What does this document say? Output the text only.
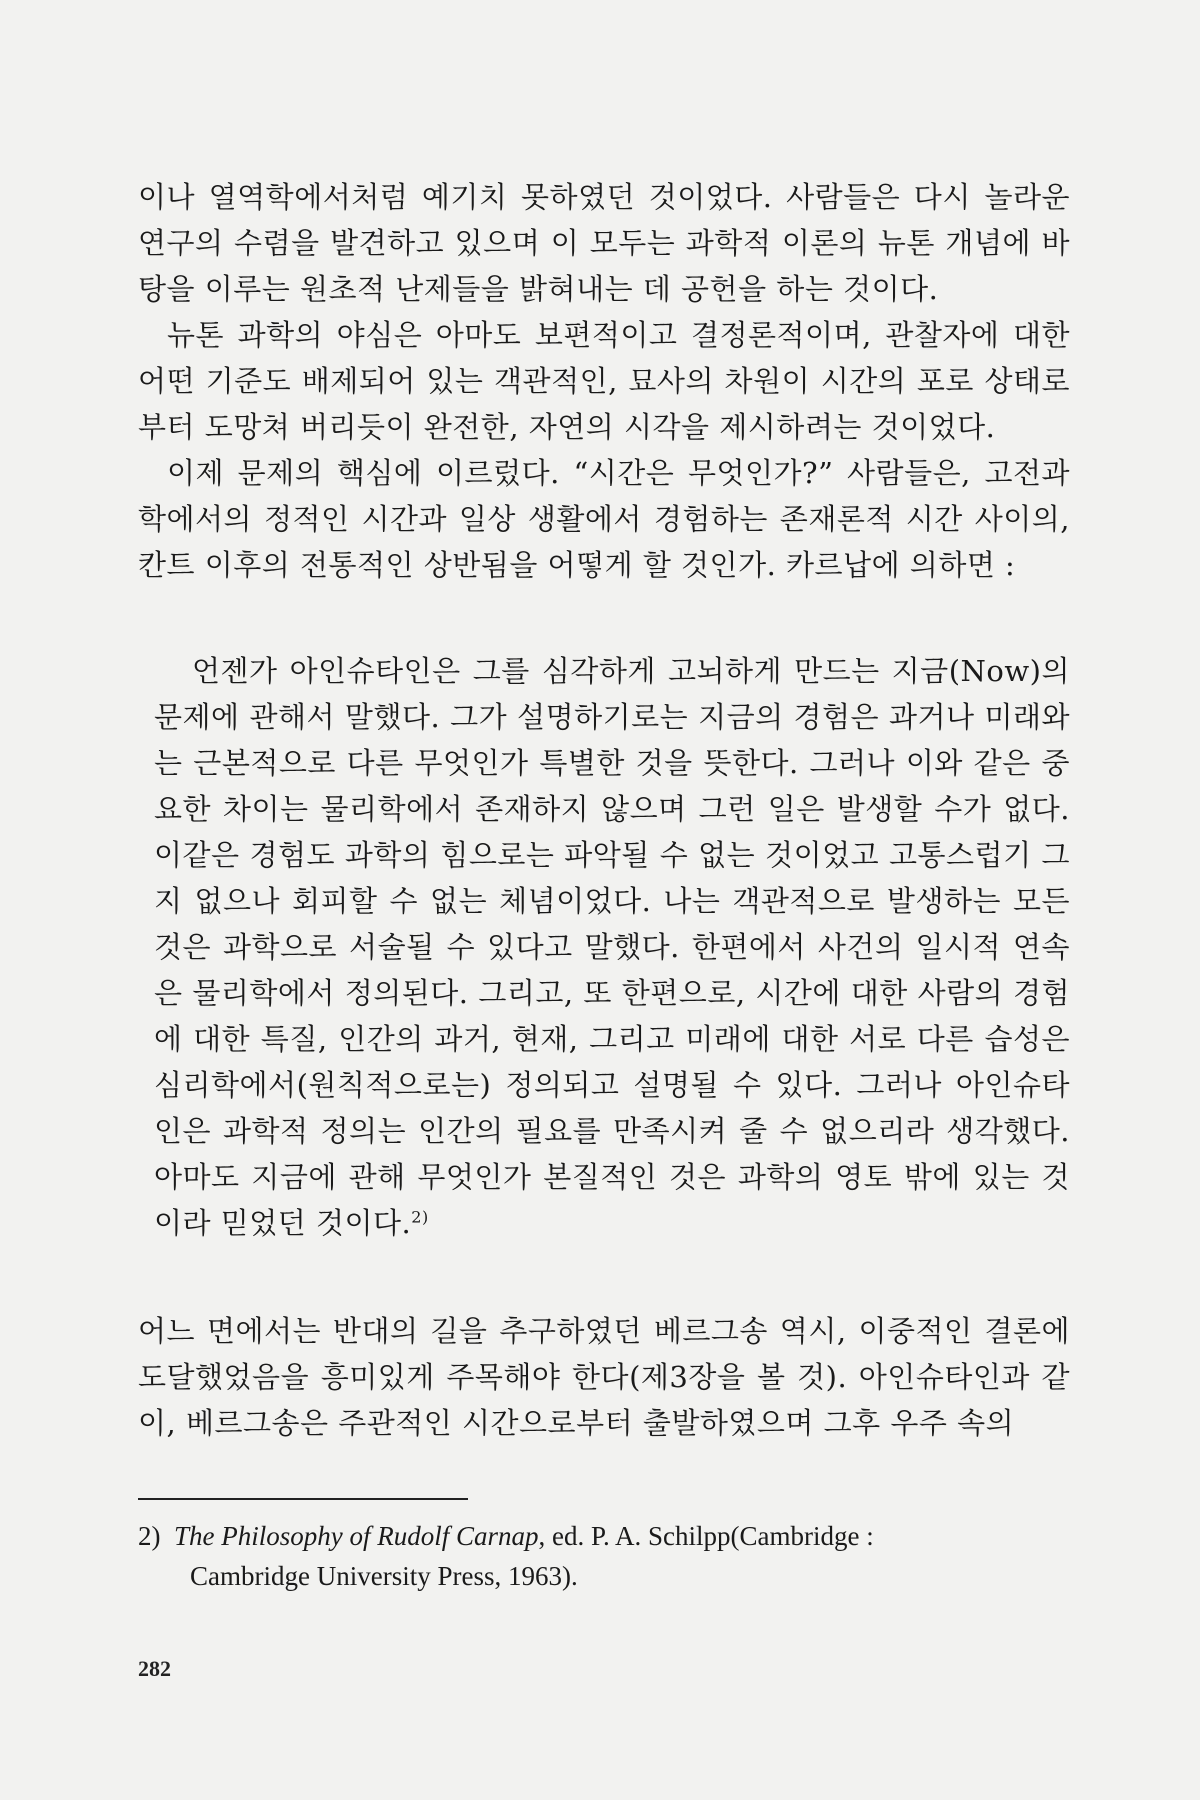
이나 열역학에서처럼 예기치 못하였던 것이었다. 사람들은 다시 놀라운 연구의 수렴을 발견하고 있으며 이 모두는 과학적 이론의 뉴톤 개념에 바탕을 이루는 원초적 난제들을 밝혀내는 데 공헌을 하는 것이다.

뉴톤 과학의 야심은 아마도 보편적이고 결정론적이며, 관찰자에 대한 어떤 기준도 배제되어 있는 객관적인, 묘사의 차원이 시간의 포로 상태로부터 도망쳐 버리듯이 완전한, 자연의 시각을 제시하려는 것이었다.

이제 문제의 핵심에 이르렀다. “시간은 무엇인가?” 사람들은, 고전과학에서의 정적인 시간과 일상 생활에서 경험하는 존재론적 시간 사이의, 칸트 이후의 전통적인 상반됨을 어떻게 할 것인가. 카르납에 의하면 :

언젠가 아인슈타인은 그를 심각하게 고뇌하게 만드는 지금(Now)의 문제에 관해서 말했다. 그가 설명하기로는 지금의 경험은 과거나 미래와는 근본적으로 다른 무엇인가 특별한 것을 뜻한다. 그러나 이와 같은 중요한 차이는 물리학에서 존재하지 않으며 그런 일은 발생할 수가 없다. 이같은 경험도 과학의 힘으로는 파악될 수 없는 것이었고 고통스럽기 그지 없으나 회피할 수 없는 체념이었다. 나는 객관적으로 발생하는 모든 것은 과학으로 서술될 수 있다고 말했다. 한편에서 사건의 일시적 연속은 물리학에서 정의된다. 그리고, 또 한편으로, 시간에 대한 사람의 경험에 대한 특질, 인간의 과거, 현재, 그리고 미래에 대한 서로 다른 습성은 심리학에서(원칙적으로는) 정의되고 설명될 수 있다. 그러나 아인슈타인은 과학적 정의는 인간의 필요를 만족시켜 줄 수 없으리라 생각했다. 아마도 지금에 관해 무엇인가 본질적인 것은 과학의 영토 밖에 있는 것이라 믿었던 것이다.$^{2)}$

어느 면에서는 반대의 길을 추구하였던 베르그송 역시, 이중적인 결론에 도달했었음을 흥미있게 주목해야 한다(제3장을 볼 것). 아인슈타인과 같이, 베르그송은 주관적인 시간으로부터 출발하였으며 그후 우주 속의

2) The Philosophy of Rudolf Carnap, ed. P. A. Schilpp(Cambridge :
Cambridge University Press, 1963).
282
